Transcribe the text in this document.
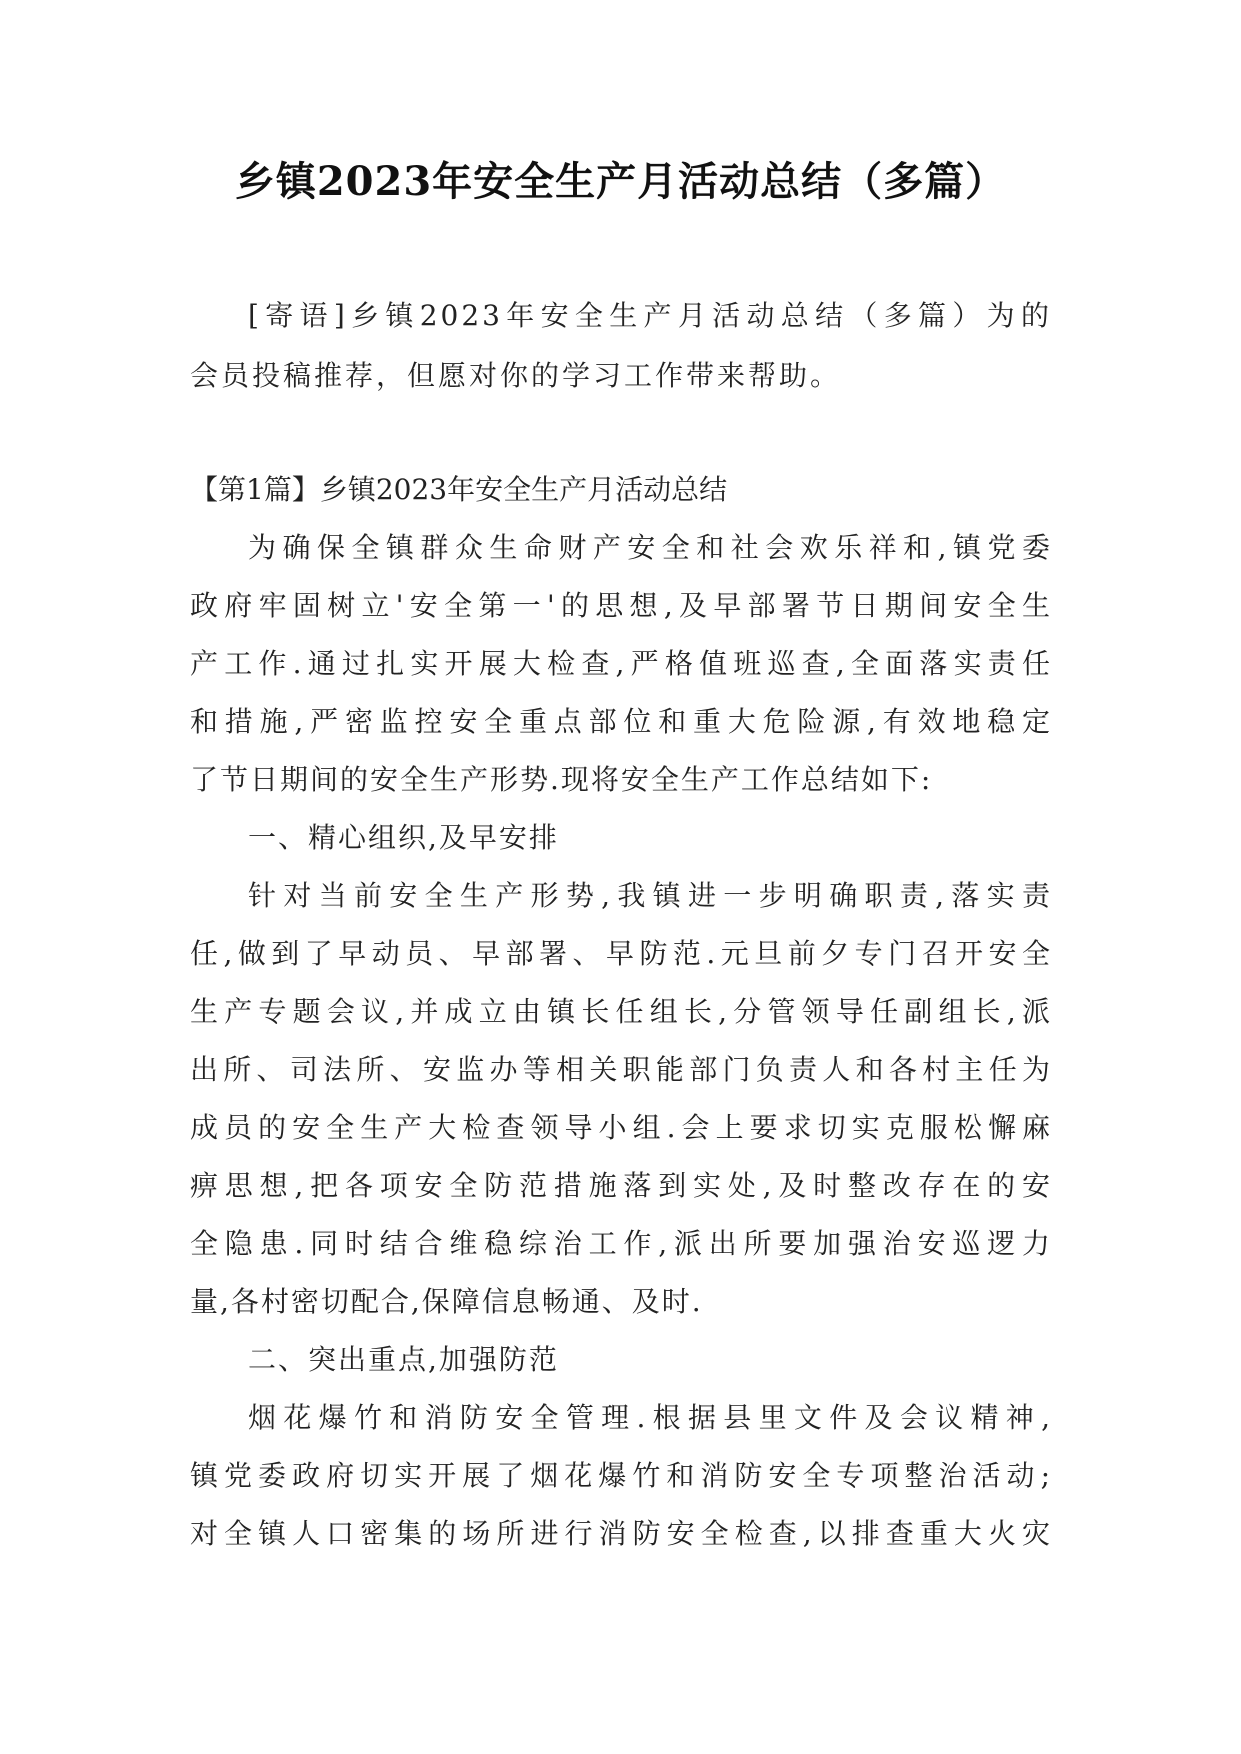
乡镇2023年安全生产月活动总结（多篇）
[寄语]乡镇2023年安全生产月活动总结（多篇）为的
会员投稿推荐，但愿对你的学习工作带来帮助。
【第1篇】乡镇2023年安全生产月活动总结
为确保全镇群众生命财产安全和社会欢乐祥和,镇党委
政府牢固树立'安全第一'的思想,及早部署节日期间安全生
产工作.通过扎实开展大检查,严格值班巡查,全面落实责任
和措施,严密监控安全重点部位和重大危险源,有效地稳定
了节日期间的安全生产形势.现将安全生产工作总结如下:
一、精心组织,及早安排
针对当前安全生产形势,我镇进一步明确职责,落实责
任,做到了早动员、早部署、早防范.元旦前夕专门召开安全
生产专题会议,并成立由镇长任组长,分管领导任副组长,派
出所、司法所、安监办等相关职能部门负责人和各村主任为
成员的安全生产大检查领导小组.会上要求切实克服松懈麻
痹思想,把各项安全防范措施落到实处,及时整改存在的安
全隐患.同时结合维稳综治工作,派出所要加强治安巡逻力
量,各村密切配合,保障信息畅通、及时.
二、突出重点,加强防范
烟花爆竹和消防安全管理.根据县里文件及会议精神,
镇党委政府切实开展了烟花爆竹和消防安全专项整治活动;
对全镇人口密集的场所进行消防安全检查,以排查重大火灾
